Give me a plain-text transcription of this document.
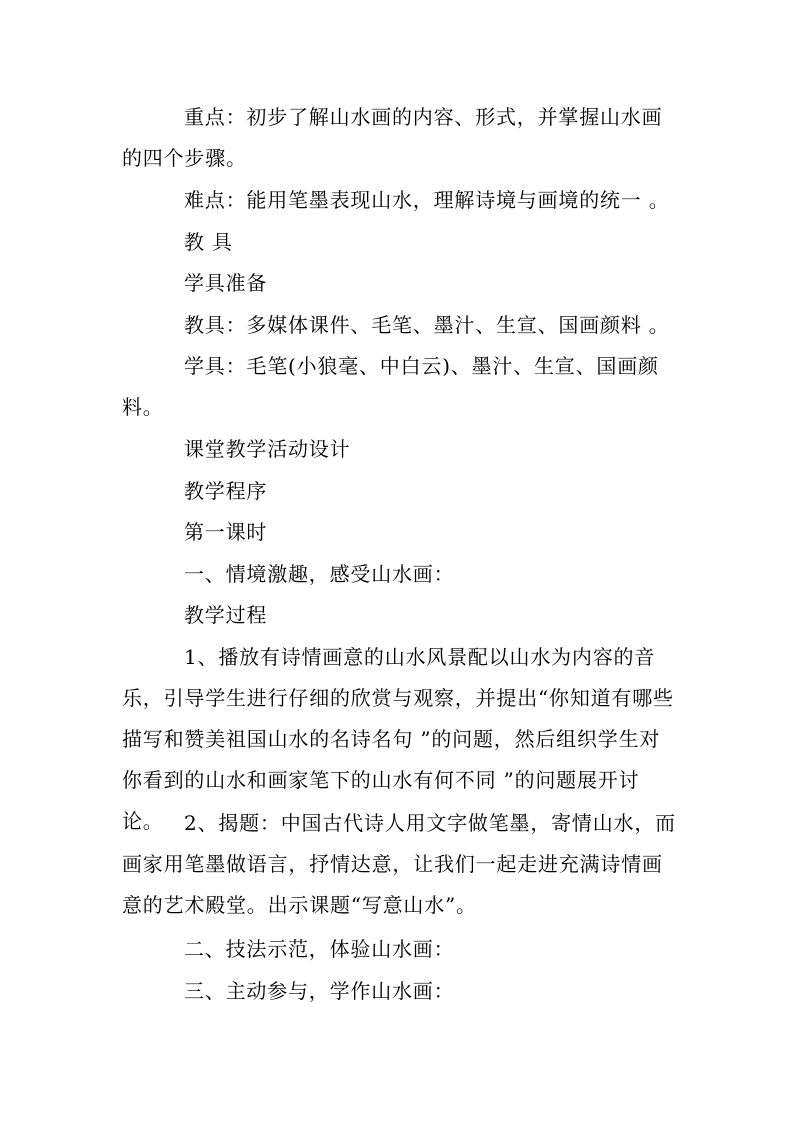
重点：初步了解山水画的内容、形式，并掌握山水画的四个步骤。

难点：能用笔墨表现山水，理解诗境与画境的统一 。

教 具

学具准备

教具：多媒体课件、毛笔、墨汁、生宣、国画颜料 。

学具：毛笔(小狼毫、中白云)、墨汁、生宣、国画颜料。

课堂教学活动设计

教学程序

第一课时

一、情境激趣，感受山水画：

教学过程

1、播放有诗情画意的山水风景配以山水为内容的音乐，引导学生进行仔细的欣赏与观察，并提出“你知道有哪些描写和赞美祖国山水的名诗名句 ”的问题，然后组织学生对你看到的山水和画家笔下的山水有何不同 ”的问题展开讨论。	2、揭题：中国古代诗人用文字做笔墨，寄情山水，而画家用笔墨做语言，抒情达意，让我们一起走进充满诗情画意的艺术殿堂。出示课题“写意山水”。

二、技法示范，体验山水画：

三、主动参与，学作山水画：
